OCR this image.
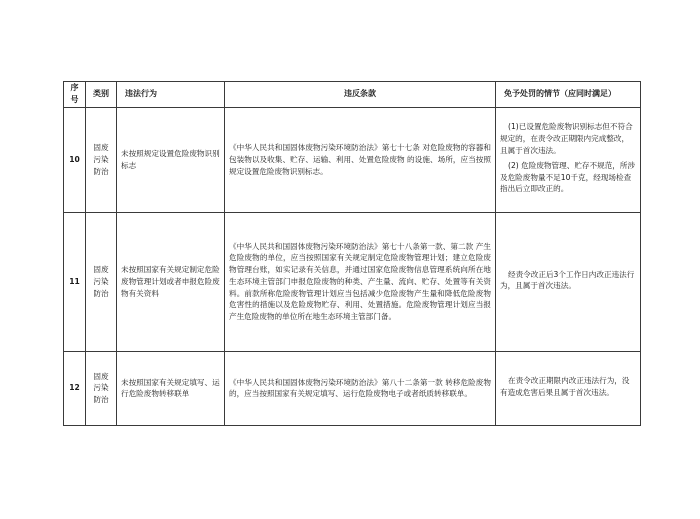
序号	类别	违法行为	违反条款	免予处罚的情节（应同时满足）
10	固废污染防治	未按照规定设置危险废物识别标志	《中华人民共和国固体废物污染环境防治法》第七十七条 对危险废物的容器和包装物以及收集、贮存、运输、利用、处置危险废物 的设施、场所，应当按照规定设置危险废物识别标志。	(1)已设置危险废物识别标志但不符合规定的，在责令改正期限内完成整改，且属于首次违法。

(2) 危险废物管理、贮存不规范，所涉及危险废物量不足10千克，经现场检查指出后立即改正的。

11	固废污染防治	未按照国家有关规定制定危险废物管理计划或者申报危险废物有关资料	《中华人民共和国固体废物污染环境防治法》第七十八条第一款、第二款 产生危险废物的单位，应当按照国家有关规定制定危险废物管理计划；建立危险废物管理台账，如实记录有关信息，并通过国家危险废物信息管理系统向所在地生态环境主管部门申报危险废物的种类、产生量、流向、贮存、处置等有关资料。前款所称危险废物管理计划应当包括减少危险废物产生量和降低危险废物危害性的措施以及危险废物贮存、利用、处置措施。危险废物管理计划应当报产生危险废物的单位所在地生态环境主管部门备。	经责令改正后3个工作日内改正违法行为，且属于首次违法。

12	固废污染防治	未按照国家有关规定填写、运行危险废物转移联单	《中华人民共和国固体废物污染环境防治法》第八十二条第一款 转移危险废物的，应当按照国家有关规定填写、运行危险废物电子或者纸质转移联单。	在责令改正期限内改正违法行为，没有造成危害后果且属于首次违法。
